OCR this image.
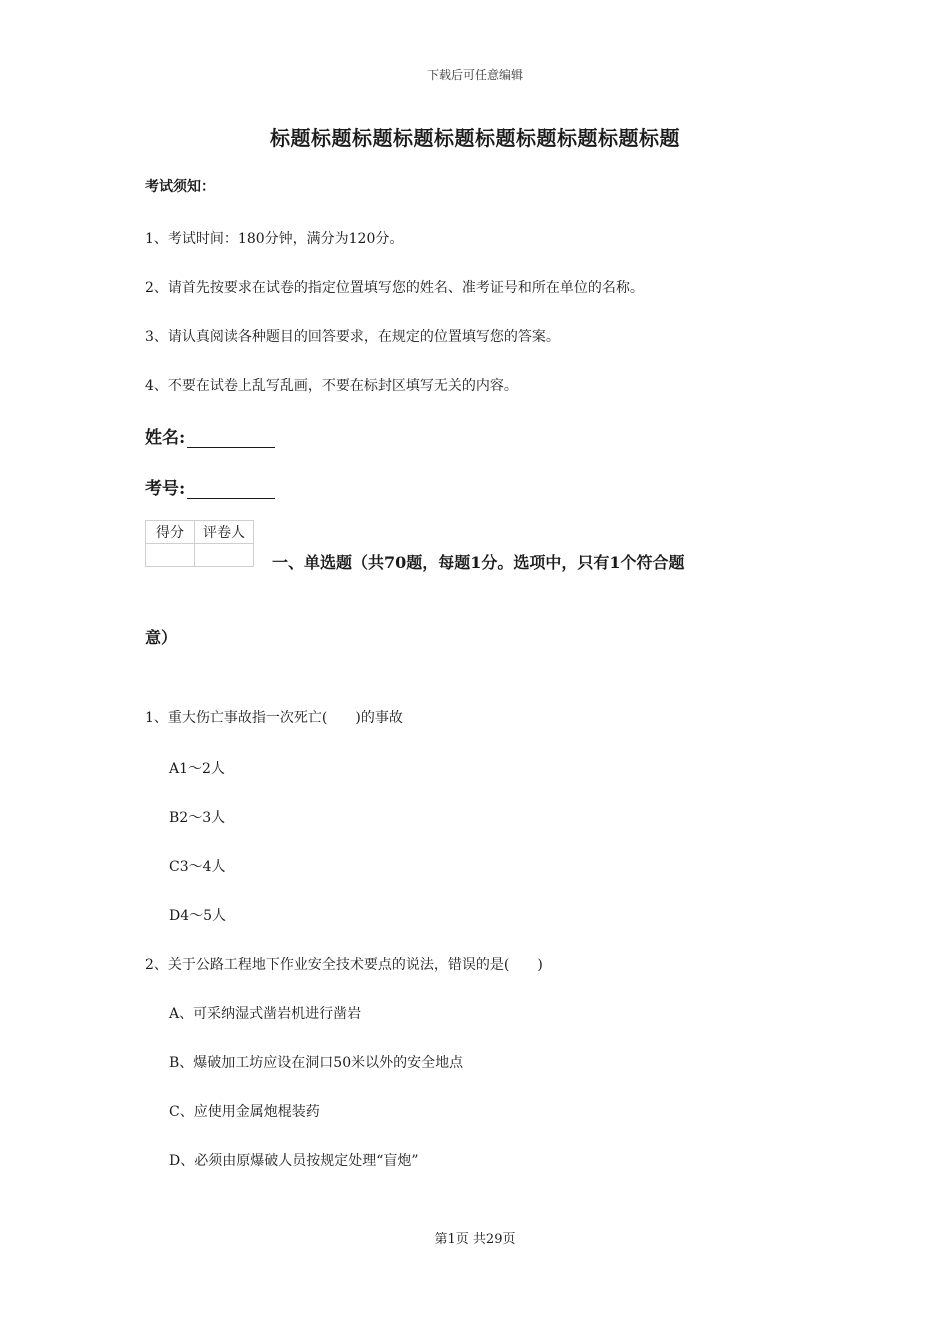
下载后可任意编辑
标题标题标题标题标题标题标题标题标题标题
考试须知：
1、考试时间：180分钟，满分为120分。
2、请首先按要求在试卷的指定位置填写您的姓名、准考证号和所在单位的名称。
3、请认真阅读各种题目的回答要求，在规定的位置填写您的答案。
4、不要在试卷上乱写乱画，不要在标封区填写无关的内容。
姓名:
考号:
得分	评卷人

一、单选题（共70题，每题1分。选项中，只有1个符合题
意）
1、重大伤亡事故指一次死亡(　　)的事故
A1～2人
B2～3人
C3～4人
D4～5人
2、关于公路工程地下作业安全技术要点的说法，错误的是(　　)
A、可采纳湿式凿岩机进行凿岩
B、爆破加工坊应设在洞口50米以外的安全地点
C、应使用金属炮棍装药
D、必须由原爆破人员按规定处理“盲炮”
第1页 共29页
